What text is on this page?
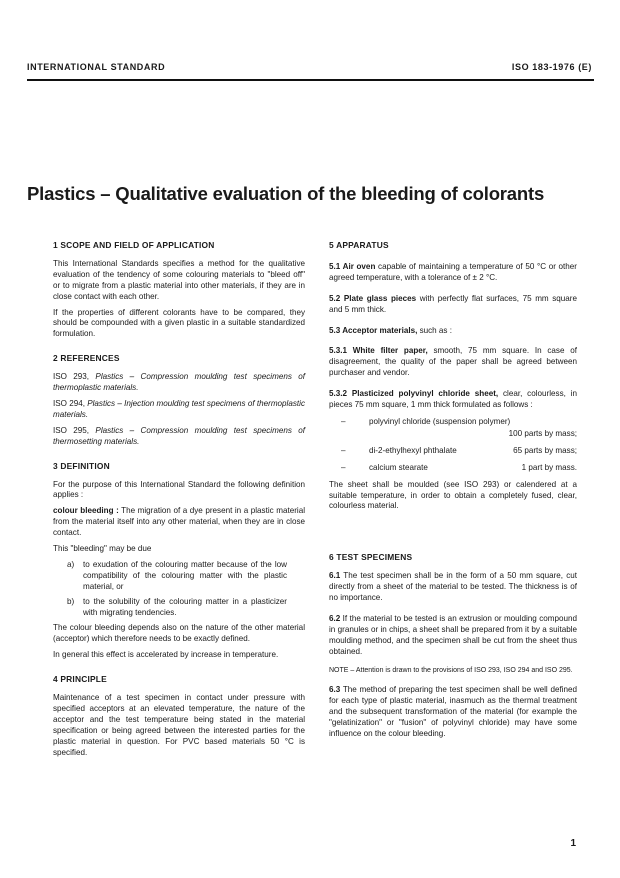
INTERNATIONAL STANDARD	ISO 183-1976 (E)
Plastics – Qualitative evaluation of the bleeding of colorants
1 SCOPE AND FIELD OF APPLICATION

This International Standards specifies a method for the qualitative evaluation of the tendency of some colouring materials to "bleed off" or to migrate from a plastic material into other materials, if they are in close contact with each other.

If the properties of different colorants have to be compared, they should be compounded with a given plastic in a suitable standardized formulation.

2 REFERENCES

ISO 293, Plastics – Compression moulding test specimens of thermoplastic materials.

ISO 294, Plastics – Injection moulding test specimens of thermoplastic materials.

ISO 295, Plastics – Compression moulding test specimens of thermosetting materials.

3 DEFINITION

For the purpose of this International Standard the following definition applies :

colour bleeding : The migration of a dye present in a plastic material from the material itself into any other material, when they are in close contact.

This "bleeding" may be due

a)	to exudation of the colouring matter because of the low compatibility of the colouring matter with the plastic material, or
b)	to the solubility of the colouring matter in a plasticizer with migrating tendencies.

The colour bleeding depends also on the nature of the other material (acceptor) which therefore needs to be exactly defined.

In general this effect is accelerated by increase in temperature.

4 PRINCIPLE

Maintenance of a test specimen in contact under pressure with specified acceptors at an elevated temperature, the nature of the acceptor and the test temperature being stated in the material specification or being agreed between the interested parties for the plastic material in question. For PVC based materials 50 °C is specified.

5 APPARATUS

5.1 Air oven capable of maintaining a temperature of 50 °C or other agreed temperature, with a tolerance of ± 2 °C.

5.2 Plate glass pieces with perfectly flat surfaces, 75 mm square and 5 mm thick.

5.3 Acceptor materials, such as :

5.3.1 White filter paper, smooth, 75 mm square. In case of disagreement, the quality of the paper shall be agreed between purchaser and vendor.

5.3.2 Plasticized polyvinyl chloride sheet, clear, colourless, in pieces 75 mm square, 1 mm thick formulated as follows :

–	polyvinyl chloride (suspension polymer)
100 parts by mass;
–	di-2-ethylhexyl phthalate	65 parts by mass;
–	calcium stearate	1 part by mass.

The sheet shall be moulded (see ISO 293) or calendered at a suitable temperature, in order to obtain a completely fused, clear, colourless material.

6 TEST SPECIMENS

6.1 The test specimen shall be in the form of a 50 mm square, cut directly from a sheet of the material to be tested. The thickness is of no importance.

6.2 If the material to be tested is an extrusion or moulding compound in granules or in chips, a sheet shall be prepared from it by a suitable moulding method, and the specimen shall be cut from the sheet thus obtained.

NOTE – Attention is drawn to the provisions of ISO 293, ISO 294 and ISO 295.

6.3 The method of preparing the test specimen shall be well defined for each type of plastic material, inasmuch as the thermal treatment and the subsequent transformation of the material (for example the "gelatinization" or "fusion" of polyvinyl chloride) may have some influence on the colour bleeding.

1
